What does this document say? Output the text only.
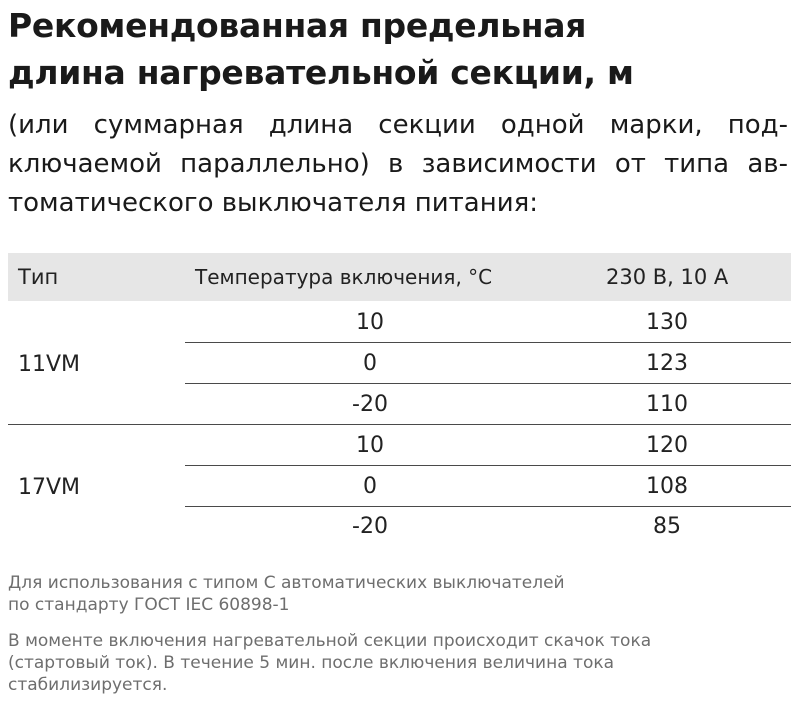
Рекомендованная предельная
длина нагревательной секции, м

(или суммарная длина секции одной марки, под-
ключаемой параллельно) в зависимости от типа ав-
томатического выключателя питания:

Тип	Температура включения, °C	230 В, 10 А
11VM
10	130
0	123
-20	110
17VM
10	120
0	108
-20	85

Для использования с типом С автоматических выключателей
по стандарту ГОСТ IEC 60898-1

В моменте включения нагревательной секции происходит скачок тока
(стартовый ток). В течение 5 мин. после включения величина тока
стабилизируется.
